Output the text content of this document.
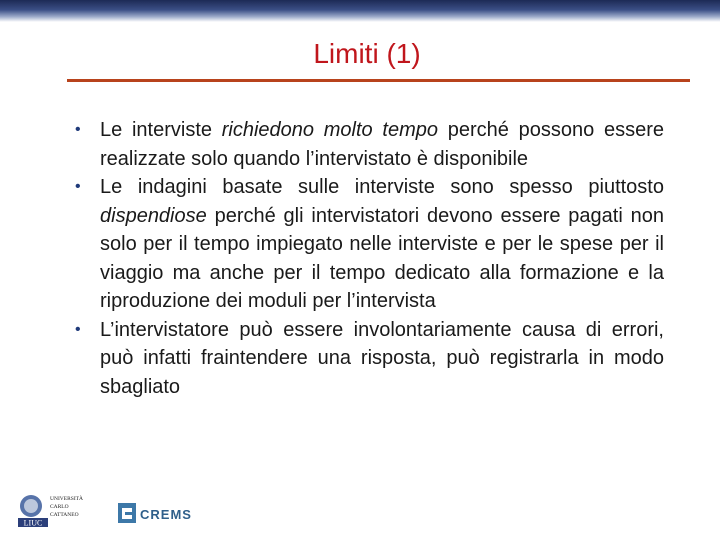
Limiti (1)
• Le interviste richiedono molto tempo perché possono essere realizzate solo quando l’intervistato è disponibile
• Le indagini basate sulle interviste sono spesso piuttosto dispendiose perché gli intervistatori devono essere pagati non solo per il tempo impiegato nelle interviste e per le spese per il viaggio ma anche per il tempo dedicato alla formazione e la riproduzione dei moduli per l’intervista
• L’intervistatore può essere involontariamente causa di errori, può infatti fraintendere una risposta, può registrarla in modo sbagliato
LIUC
UNIVERSITÀ
CARLO
CATTANEO	CREMS
